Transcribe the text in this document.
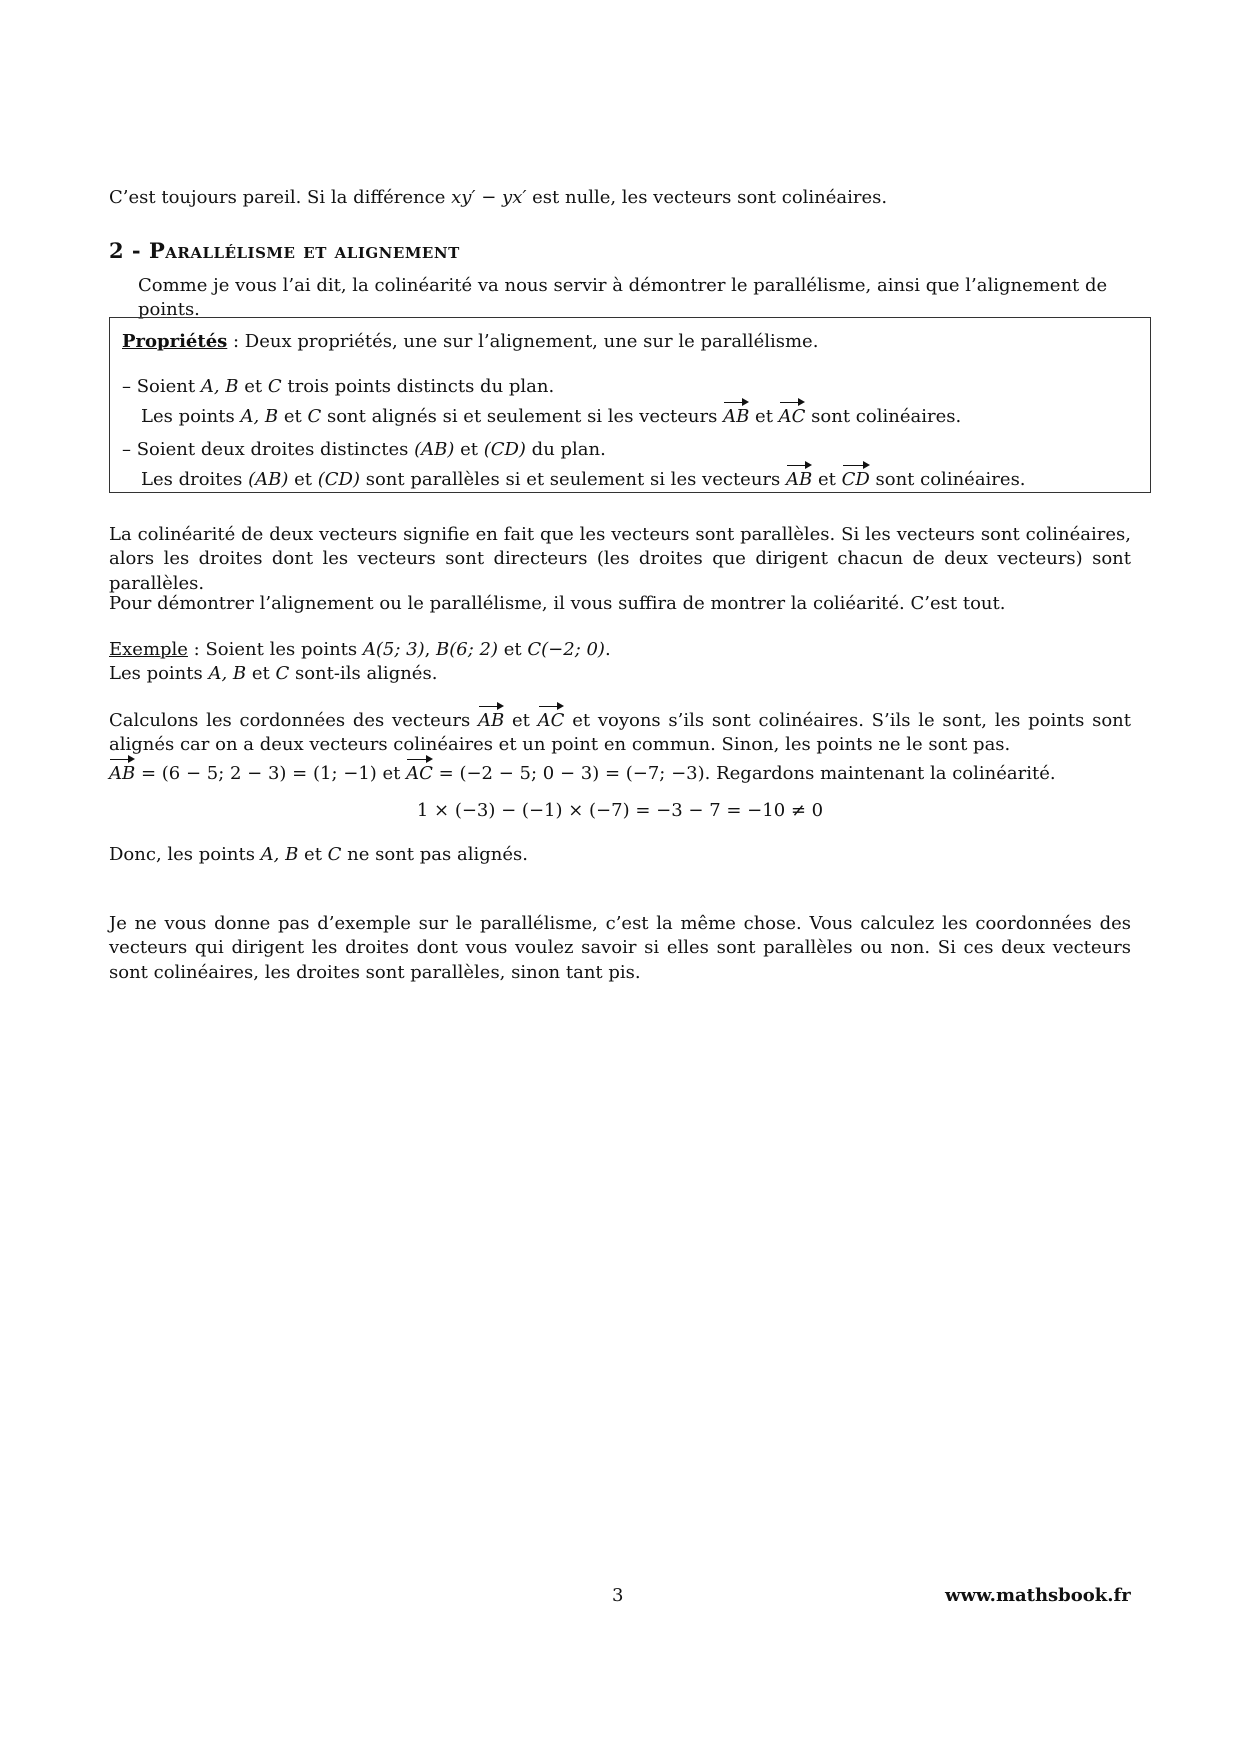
C’est toujours pareil. Si la différence xy′ − yx′ est nulle, les vecteurs sont colinéaires.
2 - Parallélisme et alignement
Comme je vous l’ai dit, la colinéarité va nous servir à démontrer le parallélisme, ainsi que l’alignement de points.
Propriétés : Deux propriétés, une sur l’alignement, une sur le parallélisme.
– Soient A, B et C trois points distincts du plan.
Les points A, B et C sont alignés si et seulement si les vecteurs AB et AC sont colinéaires.
– Soient deux droites distinctes (AB) et (CD) du plan.
Les droites (AB) et (CD) sont parallèles si et seulement si les vecteurs AB et CD sont colinéaires.
La colinéarité de deux vecteurs signifie en fait que les vecteurs sont parallèles. Si les vecteurs sont colinéaires, alors les droites dont les vecteurs sont directeurs (les droites que dirigent chacun de deux vecteurs) sont parallèles.
Pour démontrer l’alignement ou le parallélisme, il vous suffira de montrer la coliéarité. C’est tout.
Exemple : Soient les points A(5; 3), B(6; 2) et C(−2; 0).
Les points A, B et C sont-ils alignés.
Calculons les cordonnées des vecteurs AB et AC et voyons s’ils sont colinéaires. S’ils le sont, les points sont alignés car on a deux vecteurs colinéaires et un point en commun. Sinon, les points ne le sont pas.
AB = (6 − 5; 2 − 3) = (1; −1) et AC = (−2 − 5; 0 − 3) = (−7; −3). Regardons maintenant la colinéarité.
1 × (−3) − (−1) × (−7) = −3 − 7 = −10 ≠ 0
Donc, les points A, B et C ne sont pas alignés.
Je ne vous donne pas d’exemple sur le parallélisme, c’est la même chose. Vous calculez les coordonnées des vecteurs qui dirigent les droites dont vous voulez savoir si elles sont parallèles ou non. Si ces deux vecteurs sont colinéaires, les droites sont parallèles, sinon tant pis.
3	www.mathsbook.fr
